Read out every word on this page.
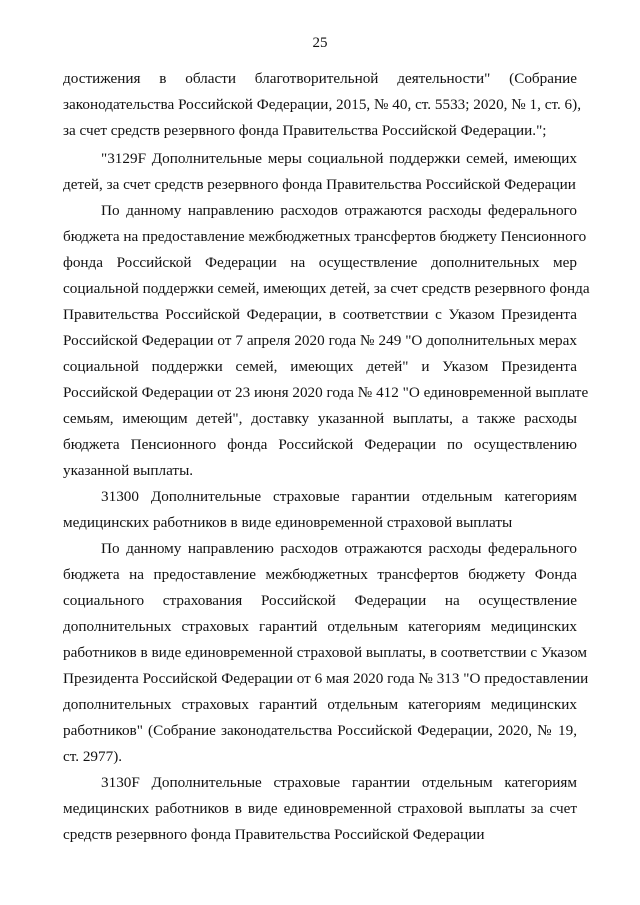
25

достижения в области благотворительной деятельности" (Собрание
законодательства Российской Федерации, 2015, № 40, ст. 5533; 2020, № 1, ст. 6),
за счет средств резервного фонда Правительства Российской Федерации.";

"3129F Дополнительные меры социальной поддержки семей, имеющих
детей, за счет средств резервного фонда Правительства Российской Федерации

По данному направлению расходов отражаются расходы федерального
бюджета на предоставление межбюджетных трансфертов бюджету Пенсионного
фонда Российской Федерации на осуществление дополнительных мер
социальной поддержки семей, имеющих детей, за счет средств резервного фонда
Правительства Российской Федерации, в соответствии с Указом Президента
Российской Федерации от 7 апреля 2020 года № 249 "О дополнительных мерах
социальной поддержки семей, имеющих детей" и Указом Президента
Российской Федерации от 23 июня 2020 года № 412 "О единовременной выплате
семьям, имеющим детей", доставку указанной выплаты, а также расходы
бюджета Пенсионного фонда Российской Федерации по осуществлению
указанной выплаты.

31300 Дополнительные страховые гарантии отдельным категориям
медицинских работников в виде единовременной страховой выплаты

По данному направлению расходов отражаются расходы федерального
бюджета на предоставление межбюджетных трансфертов бюджету Фонда
социального страхования Российской Федерации на осуществление
дополнительных страховых гарантий отдельным категориям медицинских
работников в виде единовременной страховой выплаты, в соответствии с Указом
Президента Российской Федерации от 6 мая 2020 года № 313 "О предоставлении
дополнительных страховых гарантий отдельным категориям медицинских
работников" (Собрание законодательства Российской Федерации, 2020, № 19,
ст. 2977).

3130F Дополнительные страховые гарантии отдельным категориям
медицинских работников в виде единовременной страховой выплаты за счет
средств резервного фонда Правительства Российской Федерации
